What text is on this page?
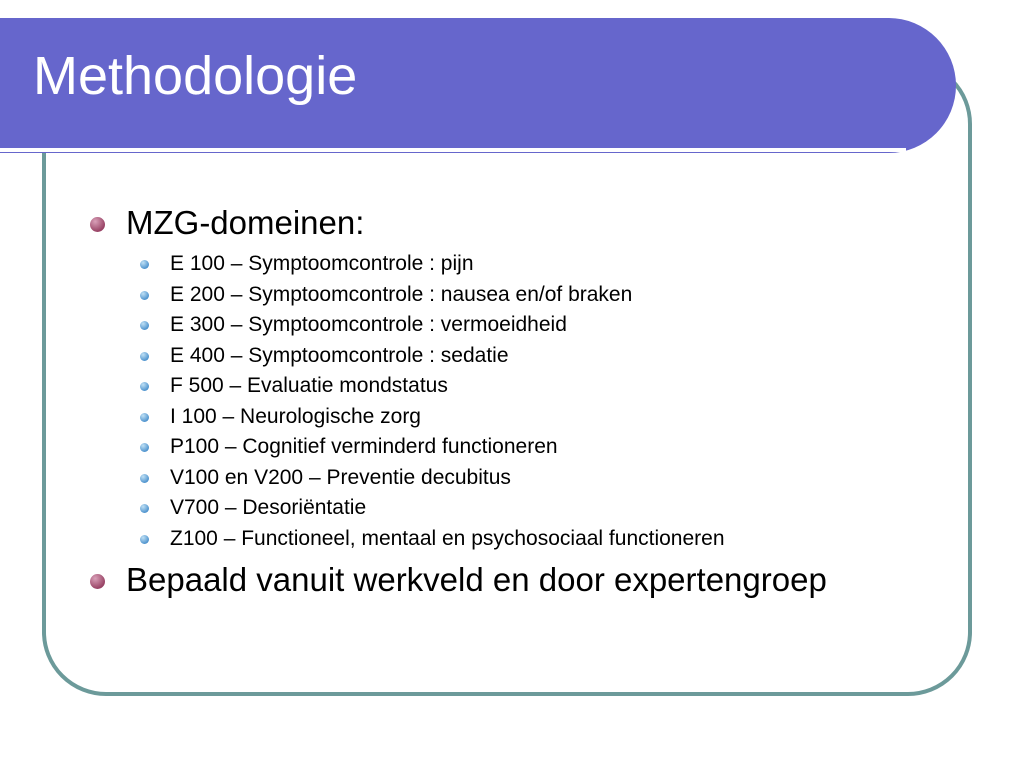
Methodologie
MZG-domeinen:
E 100 – Symptoomcontrole : pijn
E 200 – Symptoomcontrole : nausea en/of braken
E 300 – Symptoomcontrole : vermoeidheid
E 400 – Symptoomcontrole : sedatie
F 500 – Evaluatie mondstatus
I 100 – Neurologische zorg
P100 – Cognitief verminderd functioneren
V100 en V200 – Preventie decubitus
V700 – Desoriëntatie
Z100 – Functioneel, mentaal en psychosociaal functioneren
Bepaald vanuit werkveld en door expertengroep
